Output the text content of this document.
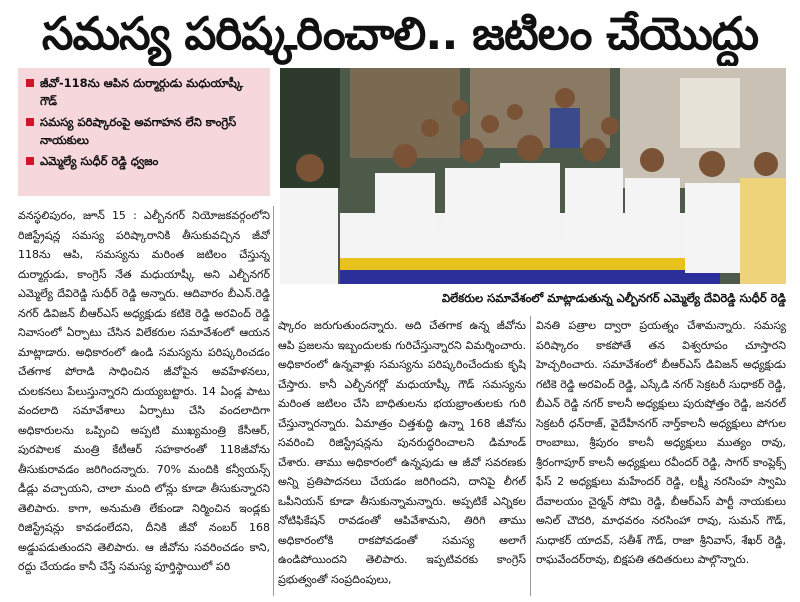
సమస్య పరిష్కరించాలి.. జటిలం చేయొద్దు
జీవో-118ను ఆపిన దుర్మార్గుడు మధుయాష్కీ గౌడ్
సమస్య పరిష్కారంపై అవగాహన లేని కాంగ్రెస్ నాయకులు
ఎమ్మెల్యే సుధీర్ రెడ్డి ధ్వజం
విలేకరుల సమావేశంలో మాట్లాడుతున్న ఎల్బీనగర్ ఎమ్మెల్యే దేవిరెడ్డి సుధీర్ రెడ్డి

వనస్థలిపురం, జూన్ 15 : ఎల్బీనగర్ నియోజకవర్గంలోని రిజిస్ట్రేషన్ల సమస్య పరిష్కారానికి తీసుకువచ్చిన జీవో 118ను ఆపి, సమస్యను మరింత జటిలం చేస్తున్న దుర్మార్గుడు, కాంగ్రెస్ నేత మధుయాష్కీ అని ఎల్బీనగర్ ఎమ్మెల్యే దేవిరెడ్డి సుధీర్ రెడ్డి అన్నారు. ఆదివారం బీఎన్.రెడ్డి నగర్ డివిజన్ బీఆర్ఎస్ అధ్యక్షుడు కటికె రెడ్డి అరవింద్ రెడ్డి నివాసంలో ఏర్పాటు చేసిన విలేకరుల సమావేశంలో ఆయన మాట్లాడారు. అధికారంలో ఉండి సమస్యను పరిష్కరించడం చేతగాక పోరాడి సాధించిన జీవోపైన అవహేళనలు, చులకనలు పేలుస్తున్నారని దుయ్యబట్టారు. 14 ఏండ్ల పాటు వందలాది సమావేశాలు ఏర్పాటు చేసి వందలాదిగా అధికారులను ఒప్పించి అప్పటి ముఖ్యమంత్రి కేసీఆర్, పురపాలక మంత్రి కేటీఆర్ సహకారంతో 118జీవోను తీసుకురావడం జరిగిందన్నారు. 70% మందికి కన్వీయన్స్ డీడ్లు వచ్చాయని, చాలా మంది లోన్లు కూడా తీసుకున్నారని తెలిపారు. కాగా, అనుమతి లేకుండా నిర్మించిన ఇండ్లకు రిజిస్ట్రేషన్లు కావడంలేదని, దీనికి జీవో నంబర్ 168 అడ్డుపడుతుందని తెలిపారు. ఆ జీవోను సవరించడం కాని, రద్దు చేయడం కానీ చేస్తే సమస్య పూర్తిస్థాయిలో పరి

ష్కారం జరుగుతుందన్నారు. అది చేతగాక ఉన్న జీవోను ఆపి ప్రజలను ఇబ్బందులకు గురిచేస్తున్నారని విమర్శించారు. అధికారంలో ఉన్నవాళ్లు సమస్యను పరిష్కరించేందుకు కృషి చేస్తారు. కానీ ఎల్బీనగర్లో మధుయాష్కీ గౌడ్ సమస్యను మరింత జటిలం చేసి బాధితులను భయభ్రాంతులకు గురి చేస్తున్నారన్నారు. ఏమాత్రం చిత్తశుద్ధి ఉన్నా 168 జీవోను సవరించి రిజిస్ట్రేషన్లను పునరుద్ధరించాలని డిమాండ్ చేశారు. తాము అధికారంలో ఉన్నపుడు ఆ జీవో సవరణకు అన్ని ప్రతిపాదనలు చేయడం జరిగిందని, దానిపై లీగల్ ఒపీనియన్ కూడా తీసుకున్నామన్నారు. అప్పటికే ఎన్నికల నోటిఫికేషన్ రావడంతో ఆపివేశామని, తిరిగి తాము అధికారంలోకి రాకపోవడంతో సమస్య అలాగే ఉండిపోయిందని తెలిపారు. ఇప్పటివరకు కాంగ్రెస్ ప్రభుత్వంతో సంప్రదింపులు,

వినతి పత్రాల ద్వారా ప్రయత్నం చేశామన్నారు. సమస్య పరిష్కారం కాకపోతే తన విశ్వరూపం చూస్తారని హెచ్చరించారు. సమావేశంలో బీఆర్ఎస్ డివిజన్ అధ్యక్షుడు గటికె రెడ్డి అరవింద్ రెడ్డి, ఎస్కేడి నగర్ సెక్రటరీ సుధాకర్ రెడ్డి, బీఎన్ రెడ్డి నగర్ కాలనీ అధ్యక్షులు పురుషోత్తం రెడ్డి, జనరల్ సెక్రటరీ ధన్‌రాజ్, వైదేహీనగర్ నార్త్‌కాలనీ అధ్యక్షులు పోగుల రాంబాబు, శ్రీపురం కాలనీ అధ్యక్షులు ముత్యం రావు, శ్రీరంగాపూర్ కాలనీ అధ్యక్షులు రవీందర్ రెడ్డి, సాగర్ కాంప్లెక్స్ ఫేస్ 2 అధ్యక్షులు మహేందర్ రెడ్డి, లక్ష్మీ నరసింహ స్వామి దేవాలయం చైర్మన్ సోమి రెడ్డి, బీఆర్ఎస్ పార్టీ నాయకులు అనిల్ చౌదరి, మాధవరం నరసింహా రావు, సుమన్ గౌడ్, సుధాకర్ యాదవ్, సతీశ్ గౌడ్, రాజా శ్రీనివాస్, శేఖర్ రెడ్డి, రాఘవేందర్‌రావు, బిక్షపతి తదితరులు పాల్గొన్నారు.
